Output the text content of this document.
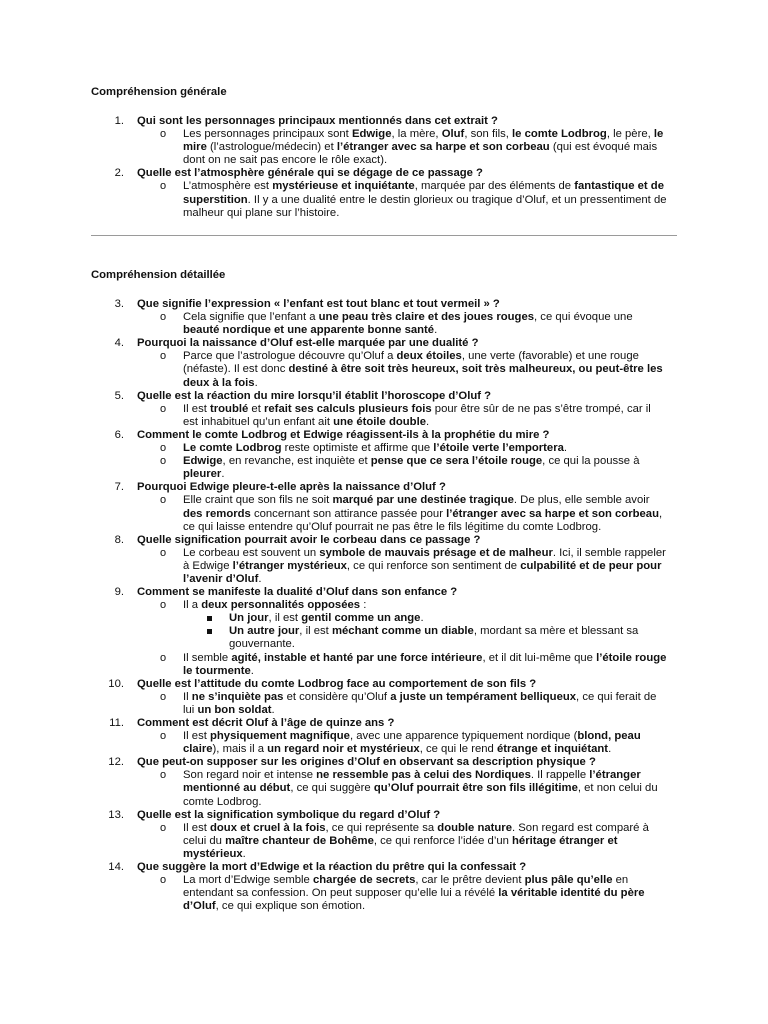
Compréhension générale
1. Qui sont les personnages principaux mentionnés dans cet extrait ?
o Les personnages principaux sont Edwige, la mère, Oluf, son fils, le comte Lodbrog, le père, le mire (l’astrologue/médecin) et l’étranger avec sa harpe et son corbeau (qui est évoqué mais dont on ne sait pas encore le rôle exact).
2. Quelle est l’atmosphère générale qui se dégage de ce passage ?
o L’atmosphère est mystérieuse et inquiétante, marquée par des éléments de fantastique et de superstition. Il y a une dualité entre le destin glorieux ou tragique d’Oluf, et un pressentiment de malheur qui plane sur l’histoire.
Compréhension détaillée
3. Que signifie l’expression « l’enfant est tout blanc et tout vermeil » ?
o Cela signifie que l’enfant a une peau très claire et des joues rouges, ce qui évoque une beauté nordique et une apparente bonne santé.
4. Pourquoi la naissance d’Oluf est-elle marquée par une dualité ?
o Parce que l’astrologue découvre qu’Oluf a deux étoiles, une verte (favorable) et une rouge (néfaste). Il est donc destiné à être soit très heureux, soit très malheureux, ou peut-être les deux à la fois.
5. Quelle est la réaction du mire lorsqu’il établit l’horoscope d’Oluf ?
o Il est troublé et refait ses calculs plusieurs fois pour être sûr de ne pas s’être trompé, car il est inhabituel qu’un enfant ait une étoile double.
6. Comment le comte Lodbrog et Edwige réagissent-ils à la prophétie du mire ?
o Le comte Lodbrog reste optimiste et affirme que l’étoile verte l’emportera.
o Edwige, en revanche, est inquiète et pense que ce sera l’étoile rouge, ce qui la pousse à pleurer.
7. Pourquoi Edwige pleure-t-elle après la naissance d’Oluf ?
o Elle craint que son fils ne soit marqué par une destinée tragique. De plus, elle semble avoir des remords concernant son attirance passée pour l’étranger avec sa harpe et son corbeau, ce qui laisse entendre qu’Oluf pourrait ne pas être le fils légitime du comte Lodbrog.
8. Quelle signification pourrait avoir le corbeau dans ce passage ?
o Le corbeau est souvent un symbole de mauvais présage et de malheur. Ici, il semble rappeler à Edwige l’étranger mystérieux, ce qui renforce son sentiment de culpabilité et de peur pour l’avenir d’Oluf.
9. Comment se manifeste la dualité d’Oluf dans son enfance ?
o Il a deux personnalités opposées :
Un jour, il est gentil comme un ange.
Un autre jour, il est méchant comme un diable, mordant sa mère et blessant sa gouvernante.
o Il semble agité, instable et hanté par une force intérieure, et il dit lui-même que l’étoile rouge le tourmente.
10. Quelle est l’attitude du comte Lodbrog face au comportement de son fils ?
o Il ne s’inquiète pas et considère qu’Oluf a juste un tempérament belliqueux, ce qui ferait de lui un bon soldat.
11. Comment est décrit Oluf à l’âge de quinze ans ?
o Il est physiquement magnifique, avec une apparence typiquement nordique (blond, peau claire), mais il a un regard noir et mystérieux, ce qui le rend étrange et inquiétant.
12. Que peut-on supposer sur les origines d’Oluf en observant sa description physique ?
o Son regard noir et intense ne ressemble pas à celui des Nordiques. Il rappelle l’étranger mentionné au début, ce qui suggère qu’Oluf pourrait être son fils illégitime, et non celui du comte Lodbrog.
13. Quelle est la signification symbolique du regard d’Oluf ?
o Il est doux et cruel à la fois, ce qui représente sa double nature. Son regard est comparé à celui du maître chanteur de Bohême, ce qui renforce l’idée d’un héritage étranger et mystérieux.
14. Que suggère la mort d’Edwige et la réaction du prêtre qui la confessait ?
o La mort d’Edwige semble chargée de secrets, car le prêtre devient plus pâle qu’elle en entendant sa confession. On peut supposer qu’elle lui a révélé la véritable identité du père d’Oluf, ce qui explique son émotion.
